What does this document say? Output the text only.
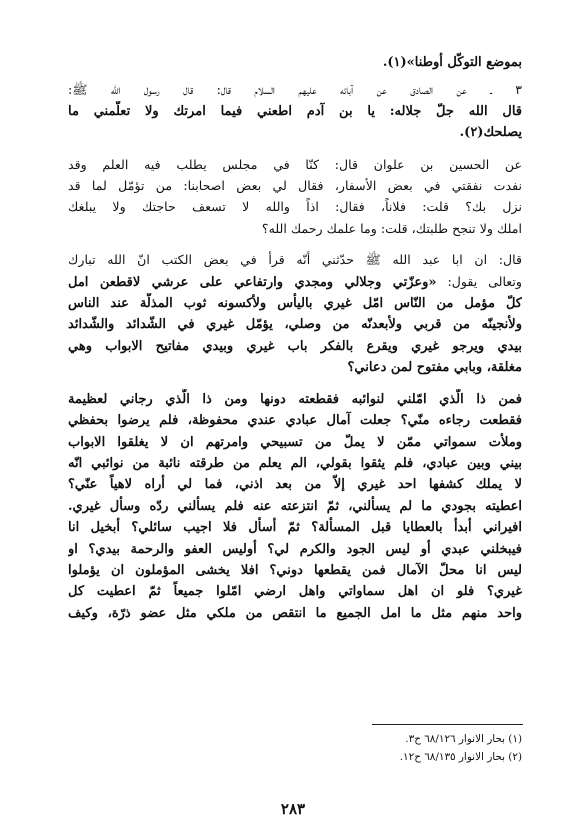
بموضع التوكّل أوطنا»(١).
٣ ـ عن الصادق عن آبائه عليهم السلام قال: قال رسول الله ﷺ:
قال الله جلّ جلاله: يا بن آدم اطعني فيما امرتك ولا تعلّمني ما
يصلحك(٢).
عن الحسين بن علوان قال: كنّا في مجلس يطلب فيه العلم وقد
نفدت نفقتي في بعض الأسفار، فقال لي بعض اصحابنا: من تؤمّل لما قد
نزل بك؟ قلت: فلاناً، فقال: اذاً والله لا تسعف حاجتك ولا يبلغك
املك ولا تنجح طلبتك، قلت: وما علمك رحمك الله؟
قال: ان ابا عبد الله ﷺ حدّثني أنّه قرأ في بعض الكتب انّ الله تبارك
وتعالى يقول: «وعزّتي وجلالي ومجدي وارتفاعي على عرشي لاقطعن امل
كلّ مؤمل من النّاس امّل غيري باليأس ولأكسونه ثوب المذلّة عند الناس
ولأنجينّه من قربي ولأبعدنّه من وصلي، يؤمّل غيري في الشّدائد والشّدائد
بيدي ويرجو غيري ويقرع بالفكر باب غيري وبيدي مفاتيح الابواب وهي
مغلقة، وبابي مفتوح لمن دعاني؟
فمن ذا الّذي امّلني لنوائبه فقطعته دونها ومن ذا الّذي رجاني لعظيمة
فقطعت رجاءه منّي؟ جعلت آمال عبادي عندي محفوظة، فلم يرضوا بحفظي
وملأت سمواتي ممّن لا يملّ من تسبيحي وامرتهم ان لا يغلقوا الابواب
بيني وبين عبادي، فلم يثقوا بقولي، الم يعلم من طرقته نائبة من نوائبي انّه
لا يملك كشفها احد غيري إلاّ من بعد اذني، فما لي أراه لاهياً عنّي؟
اعطيته بجودي ما لم يسألني، ثمّ انتزعته عنه فلم يسألني ردّه وسأل غيري.
افيراني أبدأ بالعطايا قبل المسألة؟ ثمّ أسأل فلا اجيب سائلي؟ أبخيل انا
فيبخلني عبدي أو ليس الجود والكرم لي؟ أوليس العفو والرحمة بيدي؟ او
ليس انا محلّ الآمال فمن يقطعها دوني؟ افلا يخشى المؤملون ان يؤملوا
غيري؟ فلو ان اهل سماواتي واهل ارضي امّلوا جميعاً ثمّ اعطيت كل
واحد منهم مثل ما امل الجميع ما انتقص من ملكي مثل عضو ذرّة، وكيف
(١) بحار الانوار ٦٨/١٢٦ ح٣.
(٢) بحار الانوار ٦٨/١٣٥ ح١٢.
٢٨٣
